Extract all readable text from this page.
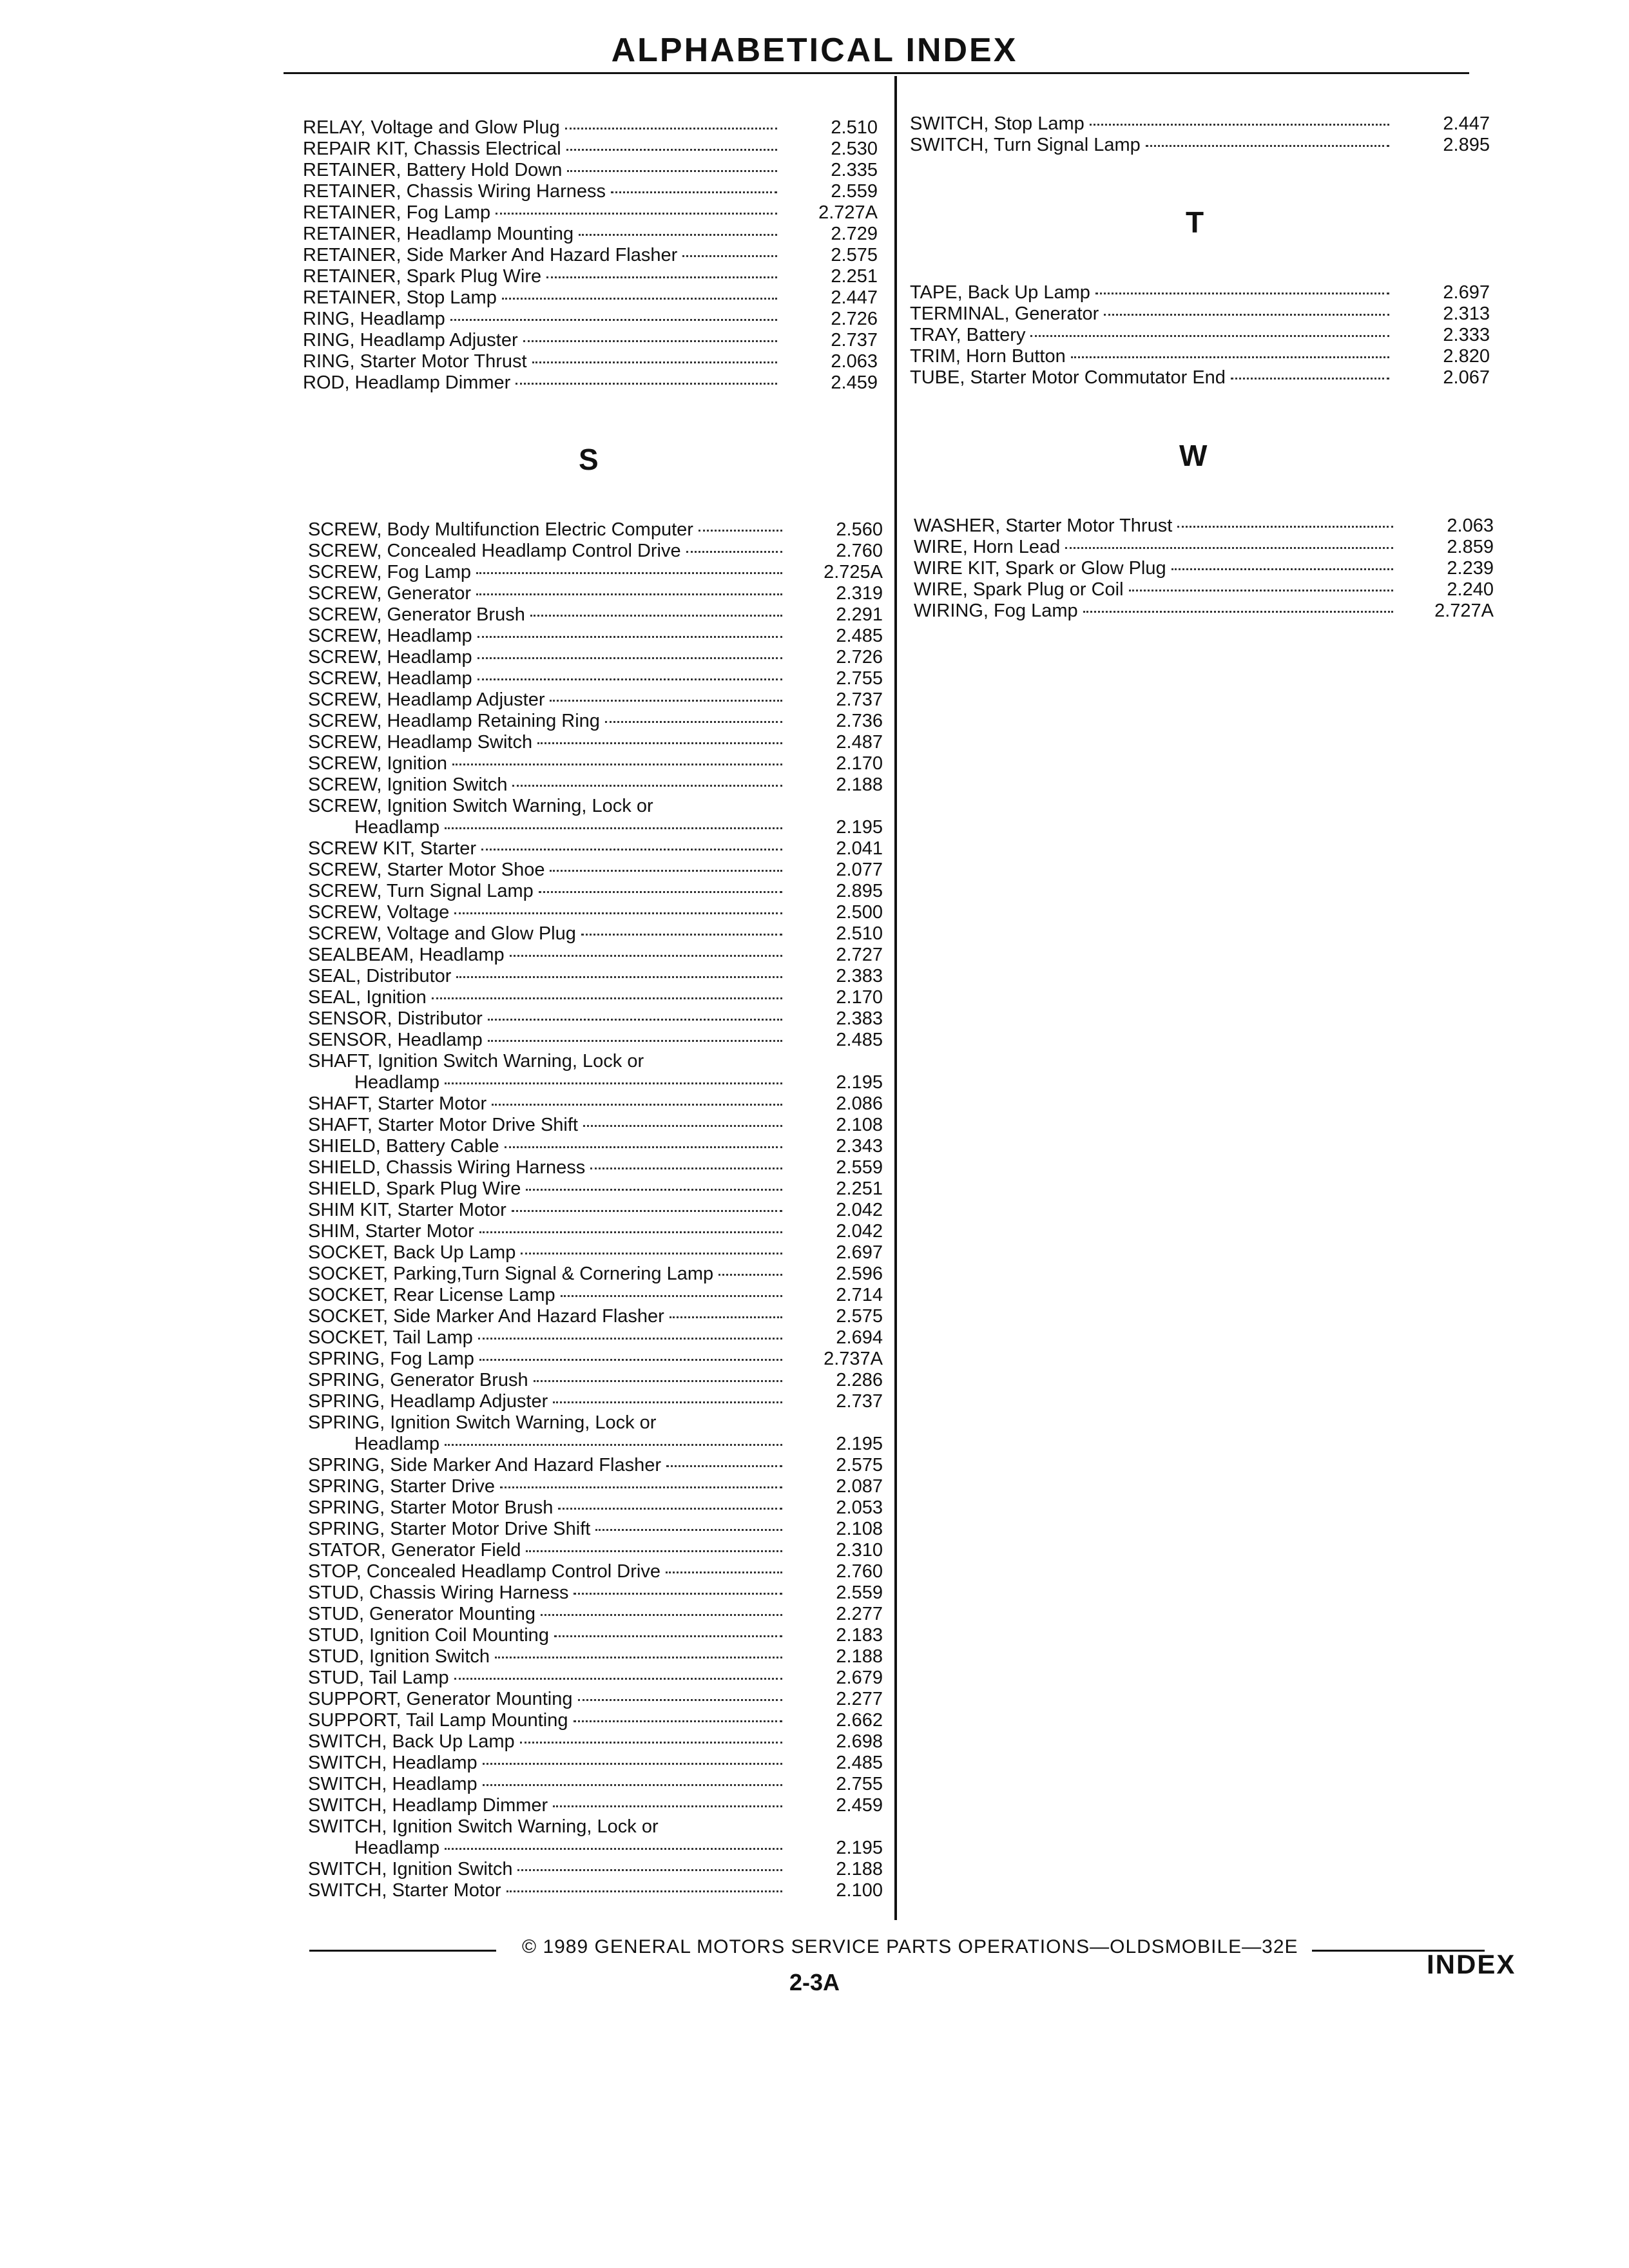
ALPHABETICAL INDEX
RELAY, Voltage and Glow Plug	2.510
REPAIR KIT, Chassis Electrical	2.530
RETAINER, Battery Hold Down	2.335
RETAINER, Chassis Wiring Harness	2.559
RETAINER, Fog Lamp	2.727A
RETAINER, Headlamp Mounting	2.729
RETAINER, Side Marker And Hazard Flasher	2.575
RETAINER, Spark Plug Wire	2.251
RETAINER, Stop Lamp	2.447
RING, Headlamp	2.726
RING, Headlamp Adjuster	2.737
RING, Starter Motor Thrust	2.063
ROD, Headlamp Dimmer	2.459
S
SCREW, Body Multifunction Electric Computer	2.560
SCREW, Concealed Headlamp Control Drive	2.760
SCREW, Fog Lamp	2.725A
SCREW, Generator	2.319
SCREW, Generator Brush	2.291
SCREW, Headlamp	2.485
SCREW, Headlamp	2.726
SCREW, Headlamp	2.755
SCREW, Headlamp Adjuster	2.737
SCREW, Headlamp Retaining Ring	2.736
SCREW, Headlamp Switch	2.487
SCREW, Ignition	2.170
SCREW, Ignition Switch	2.188
SCREW, Ignition Switch Warning, Lock or
Headlamp	2.195
SCREW KIT, Starter	2.041
SCREW, Starter Motor Shoe	2.077
SCREW, Turn Signal Lamp	2.895
SCREW, Voltage	2.500
SCREW, Voltage and Glow Plug	2.510
SEALBEAM, Headlamp	2.727
SEAL, Distributor	2.383
SEAL, Ignition	2.170
SENSOR, Distributor	2.383
SENSOR, Headlamp	2.485
SHAFT, Ignition Switch Warning, Lock or
Headlamp	2.195
SHAFT, Starter Motor	2.086
SHAFT, Starter Motor Drive Shift	2.108
SHIELD, Battery Cable	2.343
SHIELD, Chassis Wiring Harness	2.559
SHIELD, Spark Plug Wire	2.251
SHIM KIT, Starter Motor	2.042
SHIM, Starter Motor	2.042
SOCKET, Back Up Lamp	2.697
SOCKET, Parking,Turn Signal & Cornering Lamp	2.596
SOCKET, Rear License Lamp	2.714
SOCKET, Side Marker And Hazard Flasher	2.575
SOCKET, Tail Lamp	2.694
SPRING, Fog Lamp	2.737A
SPRING, Generator Brush	2.286
SPRING, Headlamp Adjuster	2.737
SPRING, Ignition Switch Warning, Lock or
Headlamp	2.195
SPRING, Side Marker And Hazard Flasher	2.575
SPRING, Starter Drive	2.087
SPRING, Starter Motor Brush	2.053
SPRING, Starter Motor Drive Shift	2.108
STATOR, Generator Field	2.310
STOP, Concealed Headlamp Control Drive	2.760
STUD, Chassis Wiring Harness	2.559
STUD, Generator Mounting	2.277
STUD, Ignition Coil Mounting	2.183
STUD, Ignition Switch	2.188
STUD, Tail Lamp	2.679
SUPPORT, Generator Mounting	2.277
SUPPORT, Tail Lamp Mounting	2.662
SWITCH, Back Up Lamp	2.698
SWITCH, Headlamp	2.485
SWITCH, Headlamp	2.755
SWITCH, Headlamp Dimmer	2.459
SWITCH, Ignition Switch Warning, Lock or
Headlamp	2.195
SWITCH, Ignition Switch	2.188
SWITCH, Starter Motor	2.100
SWITCH, Stop Lamp	2.447
SWITCH, Turn Signal Lamp	2.895
T
TAPE, Back Up Lamp	2.697
TERMINAL, Generator	2.313
TRAY, Battery	2.333
TRIM, Horn Button	2.820
TUBE, Starter Motor Commutator End	2.067
W
WASHER, Starter Motor Thrust	2.063
WIRE, Horn Lead	2.859
WIRE KIT, Spark or Glow Plug	2.239
WIRE, Spark Plug or Coil	2.240
WIRING, Fog Lamp	2.727A
© 1989 GENERAL MOTORS SERVICE PARTS OPERATIONS—OLDSMOBILE—32E
INDEX
2-3A
